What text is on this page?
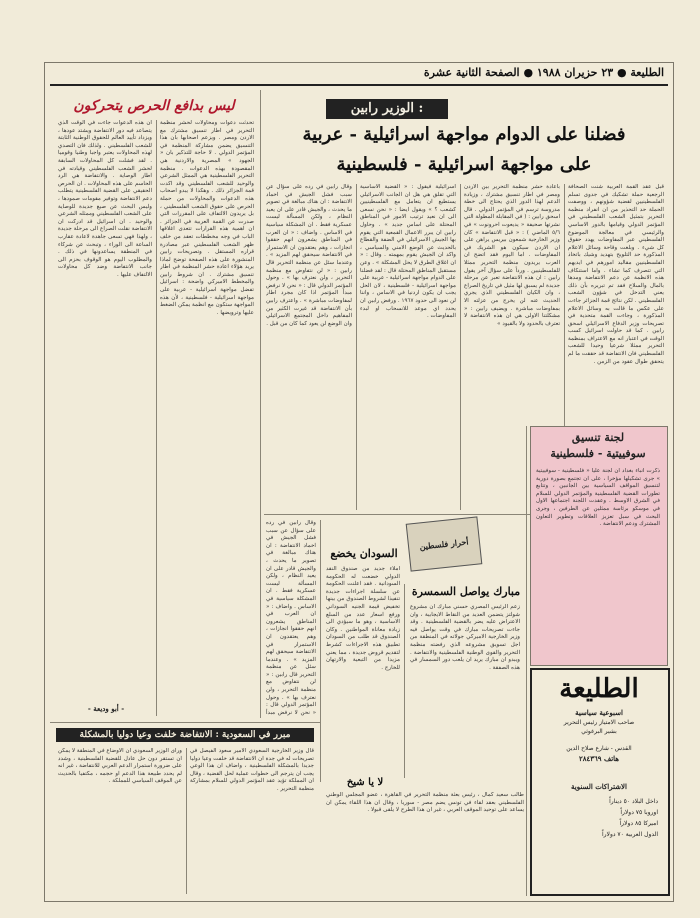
الطليعة ● ٢٣ حزيران ١٩٨٨ ● الصفحة الثانية عشرة
الوزير رابين :
فضلنا على الدوام مواجهة اسرائيلية - عربية
على مواجهة اسرائيلية - فلسطينية

قبل عقد القمة العربية شنت الصحافة الرجعية حملة تشكيك في جدوى تسلم الفلسطينيين لقضية شؤونهم ، ووصفت الحملة حد التحذير من ان انفراد منظمة التحرير بتمثيل الشعب الفلسطيني في المؤتمر الدولي وقيامها بالدور الاساسي والرئيسي في معالجة الموضوع الفلسطيني عبر المفاوضات يهدد حقوق كل شيء . وبلغت وقاحة وسائل الاعلام المذكورة حد التلويح بتهديد وشيك باتخاذ الفلسطينيين مقاليد امورهم في ايديهم التي تتصرف كما تشاء . واما استنكاف هذه الانظمة عن دعم الانتفاضة ومدها بالمال والسلاح فقد تم تبريره بأن ذلك يعني التدخل في شؤون الشعب الفلسطيني . لكن نتائج قمة الجزائر جاءت على عكس ما قالت به وسائل الاعلام المذكورة ، وجاءت القمة متحدية في تصريحات وزير الدفاع الاسرائيلي اسحق رابين . كما قد حاولت اسرائيل كسب الوقت في اعتبار انه مع الاعتراف بمنظمة التحرير ممثلا شرعيا وحيدا للشعب الفلسطيني فان الانتفاضة قد حققت ما لم يتحقق طوال عقود من الزمن .

باعادة حشر منظمة التحرير بين الاردن ومصر في اطار تنسيق مشترك ، وزيادة الدعم لهذا الدور الذي يحتاج الى خطة مدروسة ترسم في المؤتمر الدولي . قال اسحق رابين : ( في المقابلة المطولة التي نشرتها صحيفة « يديعوت احرونوت » في ٥/٦ الماضي ) : « قبل الانتفاضة » كان وزير الخارجية شمعون بيريس يراهن على ان الاردن سيكون هو الشريك في المفاوضات . اما اليوم فقد اتضح ان العرب يريدون منظمة التحرير ممثلا للفلسطينيين . ورداً على سؤال آخر يقول رابين : ان هذه الانتفاضة تعبر عن مرحلة جديدة لم يسبق لها مثيل في تاريخ الصراع ، وان الكيان الفلسطيني الذي يجري الحديث عنه لن يخرج من عزلته الا بمفاوضات مباشرة . ويضيف رابين : « مشكلتنا الاولى هي ان هذه الانتفاضة لا تعترف بالحدود ولا بالقيود »

اسرائيلية فيقول : « القضية الاساسية التي تقلق هي هل ان الجانب الاسرائيلي يستطيع ان يتعامل مع الفلسطينيين كشعب ؟ » ويقول ايضا : « نحن نسعى الى ان نعيد ترتيب الامور في المناطق المحتلة على اساس جديد » . وحاول رابين ان يبرر الاعمال القمعية التي يقوم بها الجيش الاسرائيلي في الضفة والقطاع بالحديث عن الوضع الامني والسياسي ، واكد ان الجيش يقوم بمهمته . وقال : « ان اغلاق الطرق لا يحل المشكلة » . وعن مستقبل المناطق المحتلة قال : لقد فضلنا على الدوام مواجهة اسرائيلية - عربية على مواجهة اسرائيلية - فلسطينية ، لان الحل يجب ان يكون اردنيا في الاساس ، واننا لن نعود الى حدود ١٩٦٧ . ورفض رابين ان يحدد اي موعد للانسحاب او لبدء المفاوضات .

وقال رابين في رده على سؤال عن سبب فشل الجيش في اخماد الانتفاضة : ان هناك مبالغة في تصوير ما يحدث ، والجيش قادر على ان يعيد النظام ، ولكن المسألة ليست عسكرية فقط . ان المشكلة سياسية في الاساس . واضاف : « ان العرب في المناطق يشعرون انهم حققوا انجازات ، وهم يعتقدون ان الاستمرار في الانتفاضة سيحقق لهم المزيد » . وعندما سئل عن منظمة التحرير قال رابين : « لن نتفاوض مع منظمة التحرير ، ولن نعترف بها » . وحول المؤتمر الدولي قال : « نحن لا نرفض مبدأ المؤتمر اذا كان مجرد اطار لمفاوضات مباشرة » . واعترف رابين بأن الانتفاضة قد غيرت الكثير من المفاهيم داخل المجتمع الاسرائيلي وان الوضع لن يعود كما كان من قبل .

ليس بدافع الحرص يتحركون

تحدثت دعوات ومحاولات لحشر منظمة التحرير في اطار تنسيق مشترك مع الاردن ومصر . ويزعم اصحابها بان هذا التنسيق يضمن مشاركة المنظمة في المؤتمر الدولي . لا حاجة للتذكير بان « الجهود » المصرية والاردنية هي المقصودة بهذه الدعوات . منظمة التحرير الفلسطينية هي الممثل الشرعي والوحيد للشعب الفلسطيني وقد اكدت قمة الجزائر ذلك . وهكذا لا يبدو اصحاب هذه الدعوات والمحاولات من حملة الحرص على حقوق الشعب الفلسطيني ، بل يريدون الالتفاف على المقررات التي صدرت عن القمة العربية في الجزائر . ان اهمية هذه القرارات تتعدى اغلاقها الباب في وجه مخططات تعقد من خلف ظهر الشعب الفلسطيني عبر مصادرة قراره المستقل . وتصريحات رابين المنشورة على هذه الصفحة توضح لماذا يريد هؤلاء اعادة حشر المنظمة في اطار تنسيق مشترك . ان شروط رابين والمخطط الاميركي واضحة : اسرائيل تفضل مواجهة اسرائيلية - عربية على مواجهة اسرائيلية - فلسطينية ، لأن هذه المواجهة ستكون مع انظمة يمكن الضغط عليها وترويضها .

ان هذه الدعوات جاءت في الوقت الذي يتصاعد فيه دور الانتفاضة ويشتد عودها ، ويزداد تأييد العالم للحقوق الوطنية الثابتة للشعب الفلسطيني . ولذلك فان التصدي لهذه المحاولات يعتبر واجبا وطنيا وقوميا . لقد فشلت كل المحاولات السابقة لحشر الشعب الفلسطيني وقيادته في اطار الوصاية . والانتفاضة هي الرد الحاسم على هذه المحاولات . ان الحرص الحقيقي على القضية الفلسطينية يتطلب دعم الانتفاضة وتوفير مقومات صمودها ، وليس البحث عن صيغ جديدة للوصاية على الشعب الفلسطيني وممثله الشرعي والوحيد . ان اسرائيل قد ادركت ان الانتفاضة نقلت الصراع الى مرحلة جديدة ، ولهذا فهي تسعى جاهدة لاعادة عقارب الساعة الى الوراء ، وتبحث عن شركاء في المنطقة يساعدونها في ذلك . والمطلوب اليوم هو الوقوف بحزم الى جانب الانتفاضة وضد كل محاولات الالتفاف عليها .

- أبو وديعة -
أحرار فلسطين
السودان يخضع

املاء جديد من صندوق النقد الدولي خضعت له الحكومة السودانية . فقد اعلنت الحكومة عن سلسلة اجراءات جديدة تنفيذا لشروط الصندوق من بينها تخفيض قيمة الجنيه السوداني ورفع اسعار عدد من السلع الاساسية ، وهو ما سيؤدي الى زيادة معاناة المواطنين . وكان الصندوق قد طلب من السودان تطبيق هذه الاجراءات كشرط لتقديم قروض جديدة ، مما يعني مزيدا من التبعية والارتهان للخارج .

وقال رابين في رده على سؤال عن سبب فشل الجيش في اخماد الانتفاضة : ان هناك مبالغة في تصوير ما يحدث ، والجيش قادر على ان يعيد النظام ، ولكن المسألة ليست عسكرية فقط . ان المشكلة سياسية في الاساس . واضاف : « ان العرب في المناطق يشعرون انهم حققوا انجازات ، وهم يعتقدون ان الاستمرار في الانتفاضة سيحقق لهم المزيد » . وعندما سئل عن منظمة التحرير قال رابين : « لن نتفاوض مع منظمة التحرير ، ولن نعترف بها » . وحول المؤتمر الدولي قال : « نحن لا نرفض مبدأ

مبارك يواصل السمسرة

زعم الرئيس المصري حسني مبارك ان مشروع شولتز يتضمن العديد من النقاط الايجابية ، وان الاعتراض عليه يضر بالقضية الفلسطينية . وقد جاءت تصريحات مبارك في وقت يواصل فيه وزير الخارجية الاميركي جولاته في المنطقة من اجل تسويق مشروعه الذي رفضته منظمة التحرير والقوى الوطنية الفلسطينية والانتفاضة . ويبدو ان مبارك يريد ان يلعب دور السمسار في هذه الصفقة .

لا يا شيخ
لجنة تنسيق
سوفييتية - فلسطينية

ذكرت انباء بغداد ان لجنة عليا « فلسطينية - سوفييتية » جرى تشكيلها مؤخرا ، على ان تجتمع بصورة دورية لتنسيق المواقف السياسية بين الجانبين ، وتتابع تطورات القضية الفلسطينية والمؤتمر الدولي للسلام في الشرق الاوسط . وعقدت اللجنة اجتماعها الاول في موسكو برئاسة ممثلين عن الطرفين ، وجرى البحث في سبل تعزيز العلاقات وتطوير التعاون المشترك ودعم الانتفاضة .

الطليعة
اسبوعية سياسية
صاحب الامتياز رئيس التحرير
بشير البرغوثي
القدس - شارع صلاح الدين
هاتف ٢٨٤٣٦٩
الاشتراكات السنوية
داخل البلاد ٥٠ ديناراً
اوروبا ٧٥ دولاراً
اميركا ٨٥ دولاراً
الدول العربية ٧٠ دولاراً
مبرر في السعودية : الانتفاضة خلفت وعيا دوليا بالمشكلة

قال وزير الخارجية السعودي الامير سعود الفيصل في تصريحات له في جدة ان الانتفاضة قد خلفت وعيا دوليا جديدا بالمشكلة الفلسطينية ، واضاف ان هذا الوعي يجب ان يترجم الى خطوات عملية لحل القضية ، وقال ان المملكة تؤيد عقد المؤتمر الدولي للسلام بمشاركة منظمة التحرير .

ورأى الوزير السعودي ان الاوضاع في المنطقة لا يمكن ان تستقر دون حل عادل للقضية الفلسطينية ، وشدد على ضرورة استمرار الدعم العربي للانتفاضة ، غير انه لم يحدد طبيعة هذا الدعم او حجمه ، مكتفيا بالحديث عن الموقف السياسي للمملكة .

طالب سعيد كمال ، رئيس بعثة منظمة التحرير في القاهرة ، عضو المجلس الوطني الفلسطيني بعقد لقاء في تونس يضم مصر - سوريا ، وقال ان هذا اللقاء يمكن ان يساعد على توحيد الموقف العربي ، غير ان هذا الطرح لا يلقى قبولا .
